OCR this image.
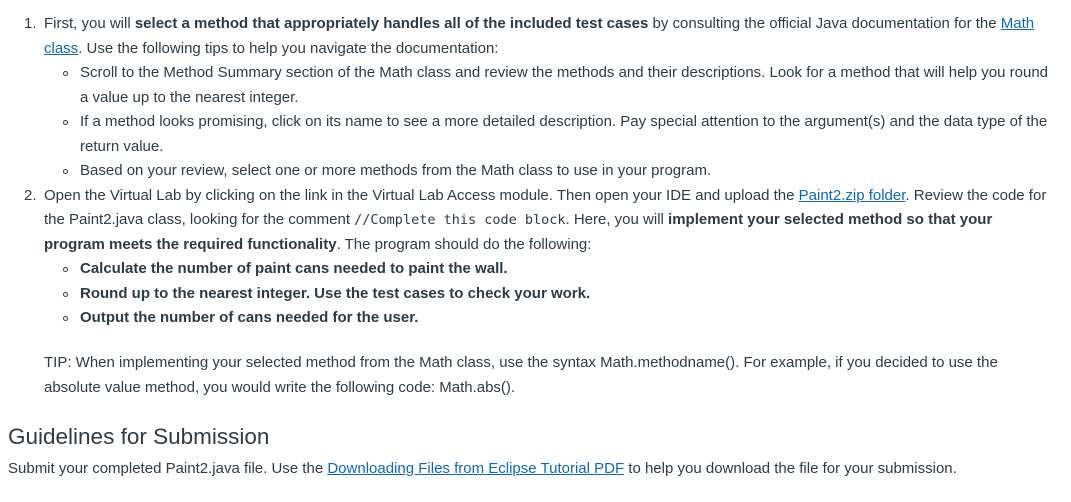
1. First, you will select a method that appropriately handles all of the included test cases by consulting the official Java documentation for the Math class. Use the following tips to help you navigate the documentation:
Scroll to the Method Summary section of the Math class and review the methods and their descriptions. Look for a method that will help you round a value up to the nearest integer.
If a method looks promising, click on its name to see a more detailed description. Pay special attention to the argument(s) and the data type of the return value.
Based on your review, select one or more methods from the Math class to use in your program.
2. Open the Virtual Lab by clicking on the link in the Virtual Lab Access module. Then open your IDE and upload the Paint2.zip folder. Review the code for the Paint2.java class, looking for the comment //Complete this code block. Here, you will implement your selected method so that your program meets the required functionality. The program should do the following:
Calculate the number of paint cans needed to paint the wall.
Round up to the nearest integer. Use the test cases to check your work.
Output the number of cans needed for the user.

TIP: When implementing your selected method from the Math class, use the syntax Math.methodname(). For example, if you decided to use the absolute value method, you would write the following code: Math.abs().

Guidelines for Submission

Submit your completed Paint2.java file. Use the Downloading Files from Eclipse Tutorial PDF to help you download the file for your submission.
